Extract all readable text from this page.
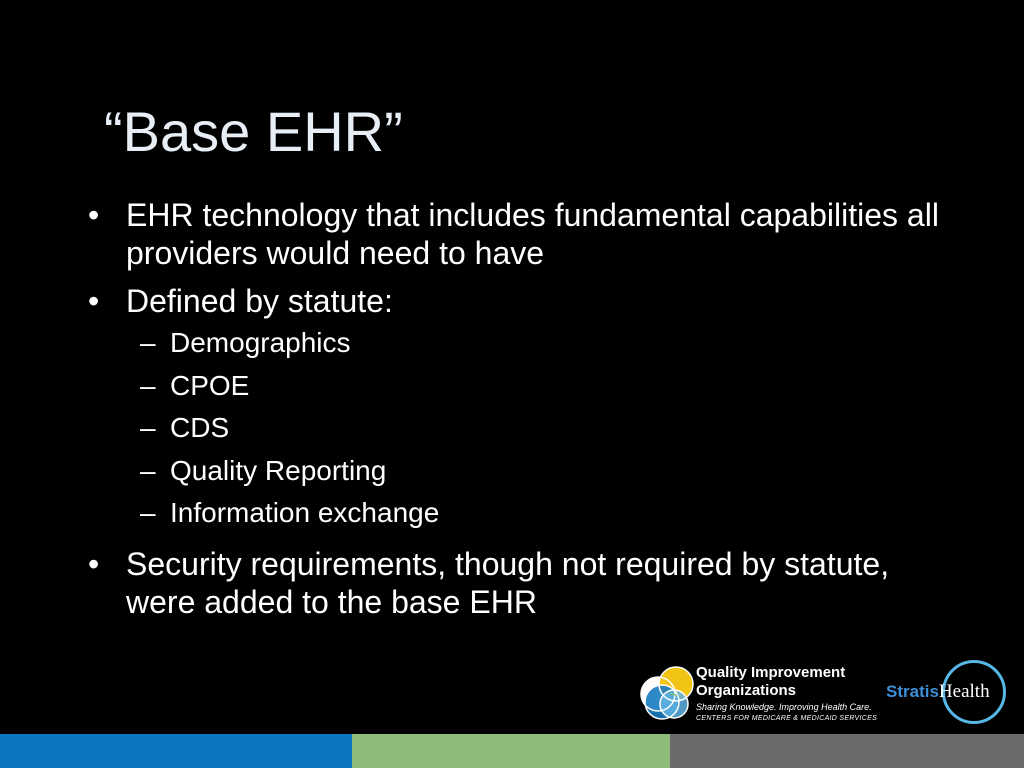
“Base EHR”
• EHR technology that includes fundamental capabilities all providers would need to have
• Defined by statute:
– Demographics
– CPOE
– CDS
– Quality Reporting
– Information exchange
• Security requirements, though not required by statute, were added to the base EHR
Quality Improvement
Organizations
Sharing Knowledge. Improving Health Care.
CENTERS FOR MEDICARE & MEDICAID SERVICES
StratisHealth
